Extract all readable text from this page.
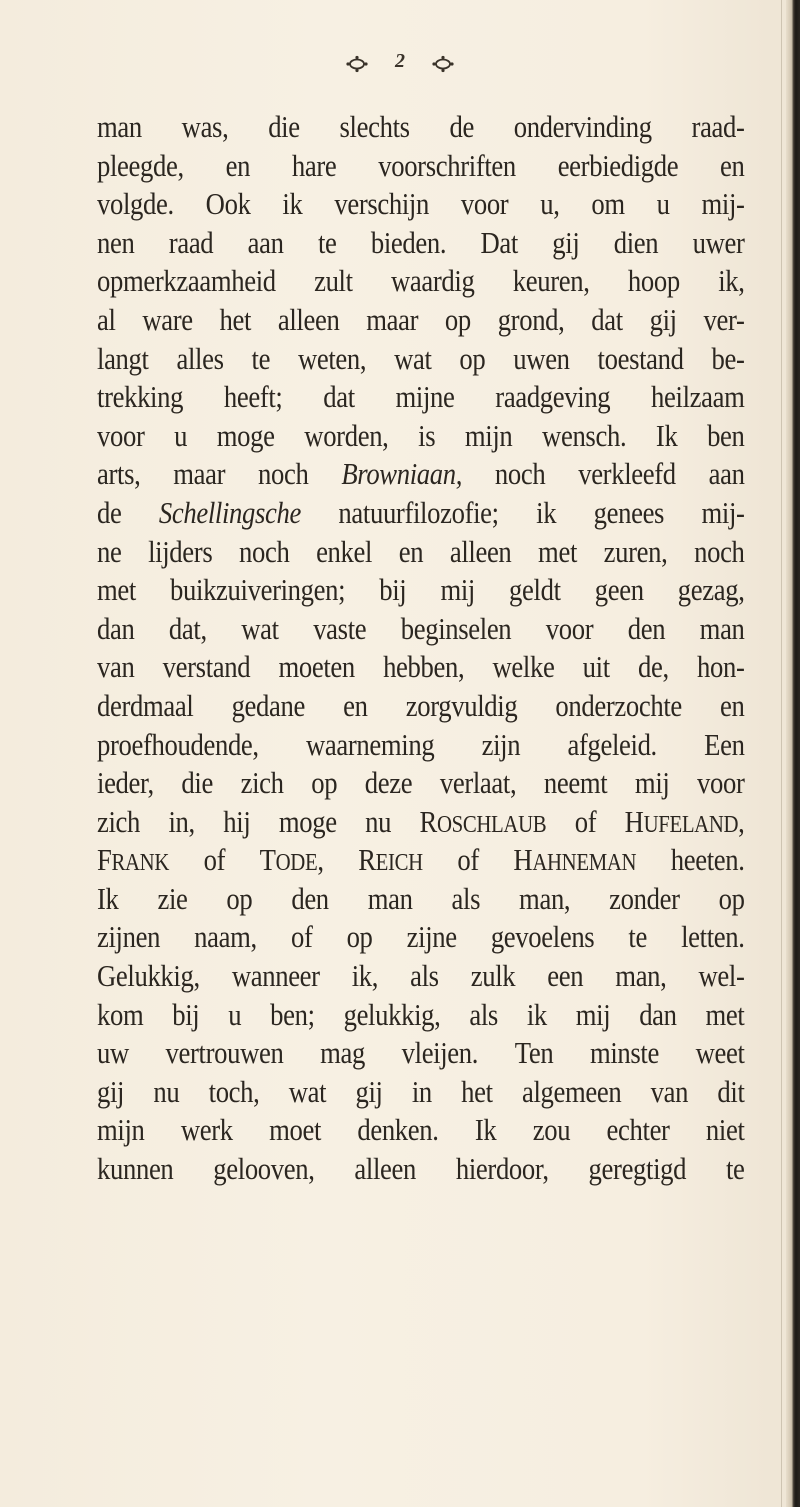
2
man was, die slechts de ondervinding raad-
pleegde, en hare voorschriften eerbiedigde en
volgde. Ook ik verschijn voor u, om u mij-
nen raad aan te bieden. Dat gij dien uwer
opmerkzaamheid zult waardig keuren, hoop ik,
al ware het alleen maar op grond, dat gij ver-
langt alles te weten, wat op uwen toestand be-
trekking heeft; dat mijne raadgeving heilzaam
voor u moge worden, is mijn wensch. Ik ben
arts, maar noch Browniaan, noch verkleefd aan
de Schellingsche natuurfilozofie; ik genees mij-
ne lijders noch enkel en alleen met zuren, noch
met buikzuiveringen; bij mij geldt geen gezag,
dan dat, wat vaste beginselen voor den man
van verstand moeten hebben, welke uit de, hon-
derdmaal gedane en zorgvuldig onderzochte en
proefhoudende, waarneming zijn afgeleid. Een
ieder, die zich op deze verlaat, neemt mij voor
zich in, hij moge nu ROSCHLAUB of HUFELAND,
FRANK of TODE, REICH of HAHNEMAN heeten.
Ik zie op den man als man, zonder op
zijnen naam, of op zijne gevoelens te letten.
Gelukkig, wanneer ik, als zulk een man, wel-
kom bij u ben; gelukkig, als ik mij dan met
uw vertrouwen mag vleijen. Ten minste weet
gij nu toch, wat gij in het algemeen van dit
mijn werk moet denken. Ik zou echter niet
kunnen gelooven, alleen hierdoor, geregtigd te
